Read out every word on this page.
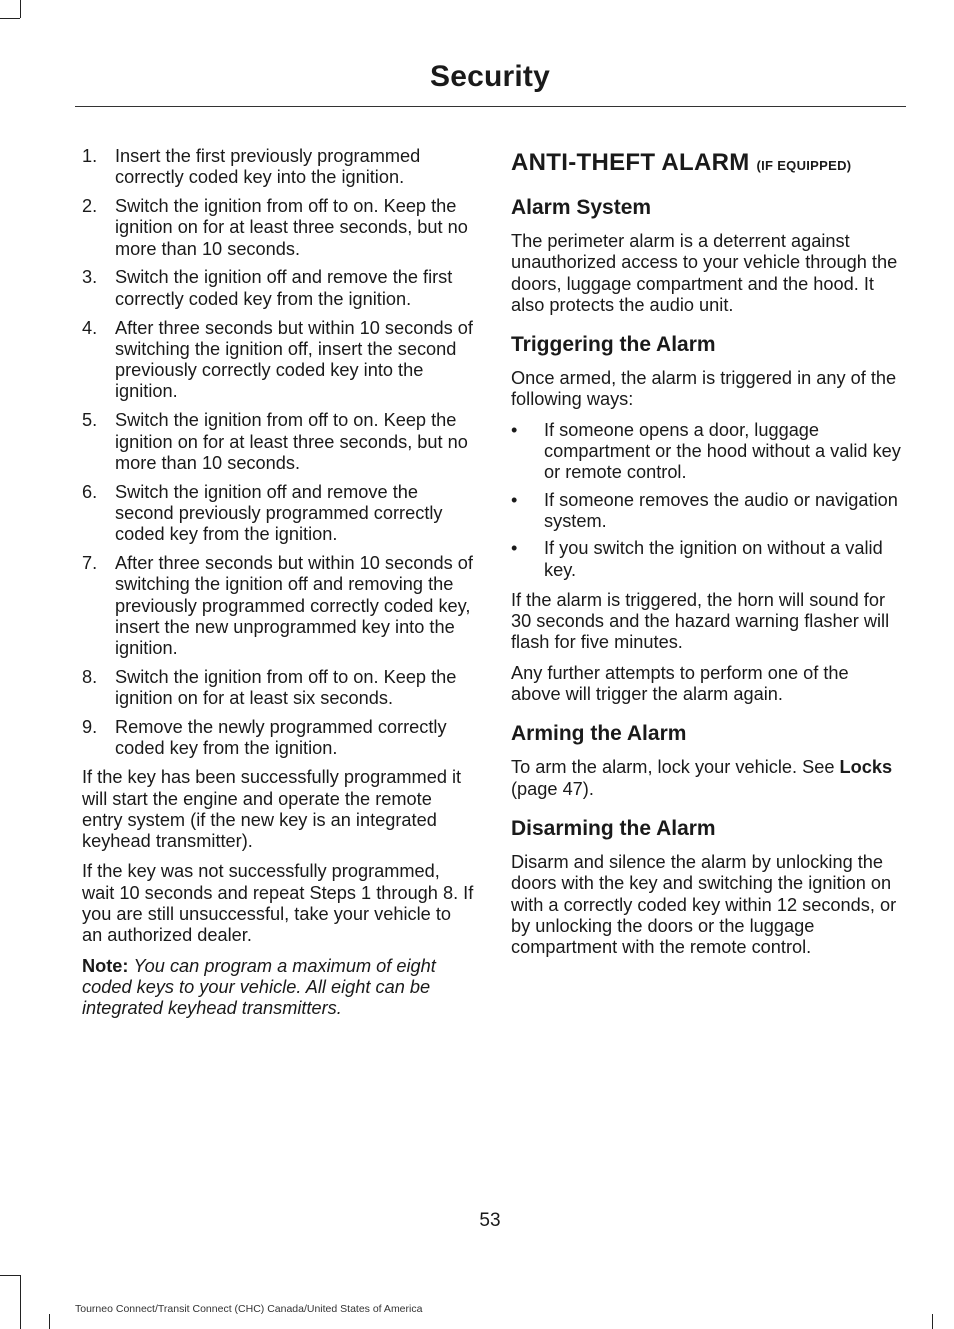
Security
1. Insert the first previously programmed correctly coded key into the ignition.
2. Switch the ignition from off to on. Keep the ignition on for at least three seconds, but no more than 10 seconds.
3. Switch the ignition off and remove the first correctly coded key from the ignition.
4. After three seconds but within 10 seconds of switching the ignition off, insert the second previously correctly coded key into the ignition.
5. Switch the ignition from off to on. Keep the ignition on for at least three seconds, but no more than 10 seconds.
6. Switch the ignition off and remove the second previously programmed correctly coded key from the ignition.
7. After three seconds but within 10 seconds of switching the ignition off and removing the previously programmed correctly coded key, insert the new unprogrammed key into the ignition.
8. Switch the ignition from off to on. Keep the ignition on for at least six seconds.
9. Remove the newly programmed correctly coded key from the ignition.

If the key has been successfully programmed it will start the engine and operate the remote entry system (if the new key is an integrated keyhead transmitter).

If the key was not successfully programmed, wait 10 seconds and repeat Steps 1 through 8. If you are still unsuccessful, take your vehicle to an authorized dealer.

Note: You can program a maximum of eight coded keys to your vehicle. All eight can be integrated keyhead transmitters.

ANTI-THEFT ALARM (IF EQUIPPED)
Alarm System

The perimeter alarm is a deterrent against unauthorized access to your vehicle through the doors, luggage compartment and the hood. It also protects the audio unit.

Triggering the Alarm

Once armed, the alarm is triggered in any of the following ways:

• If someone opens a door, luggage compartment or the hood without a valid key or remote control.
• If someone removes the audio or navigation system.
• If you switch the ignition on without a valid key.

If the alarm is triggered, the horn will sound for 30 seconds and the hazard warning flasher will flash for five minutes.

Any further attempts to perform one of the above will trigger the alarm again.

Arming the Alarm

To arm the alarm, lock your vehicle. See Locks (page 47).

Disarming the Alarm

Disarm and silence the alarm by unlocking the doors with the key and switching the ignition on with a correctly coded key within 12 seconds, or by unlocking the doors or the luggage compartment with the remote control.

53
Tourneo Connect/Transit Connect (CHC) Canada/United States of America
